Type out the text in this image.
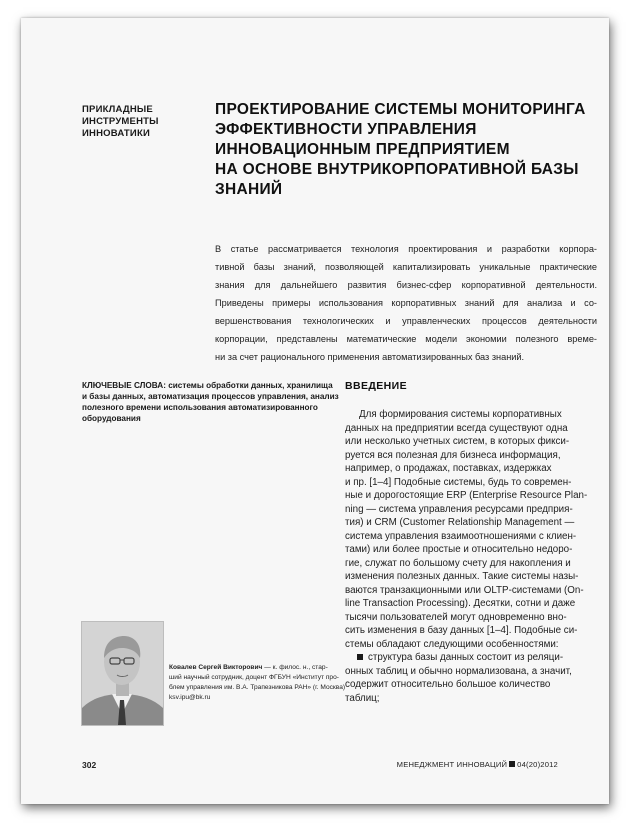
ПРИКЛАДНЫЕ
ИНСТРУМЕНТЫ
ИННОВАТИКИ
ПРОЕКТИРОВАНИЕ СИСТЕМЫ МОНИТОРИНГА
ЭФФЕКТИВНОСТИ УПРАВЛЕНИЯ
ИННОВАЦИОННЫМ ПРЕДПРИЯТИЕМ
НА ОСНОВЕ ВНУТРИКОРПОРАТИВНОЙ БАЗЫ
ЗНАНИЙ
В статье рассматривается технология проектирования и разработки корпора-
тивной базы знаний, позволяющей капитализировать уникальные практические
знания для дальнейшего развития бизнес-сфер корпоративной деятельности.
Приведены примеры использования корпоративных знаний для анализа и со-
вершенствования технологических и управленческих процессов деятельности
корпорации, представлены математические модели экономии полезного време-
ни за счет рационального применения автоматизированных баз знаний.
КЛЮЧЕВЫЕ СЛОВА: системы обработки данных, хранилища
и базы данных, автоматизация процессов управления, анализ
полезного времени использования автоматизированного
оборудования
ВВЕДЕНИЕ
Для формирования системы корпоративных
данных на предприятии всегда существуют одна
или несколько учетных систем, в которых фикси-
руется вся полезная для бизнеса информация,
например, о продажах, поставках, издержках
и пр. [1–4] Подобные системы, будь то современ-
ные и дорогостоящие ERP (Enterprise Resource Plan-
ning — система управления ресурсами предприя-
тия) и CRM (Customer Relationship Management —
система управления взаимоотношениями с клиен-
тами) или более простые и относительно недоро-
гие, служат по большому счету для накопления и
изменения полезных данных. Такие системы назы-
ваются транзакционными или OLTP-системами (On-
line Transaction Processing). Десятки, сотни и даже
тысячи пользователей могут одновременно вно-
сить изменения в базу данных [1–4]. Подобные си-
стемы обладают следующими особенностями:
структура базы данных состоит из реляци-
онных таблиц и обычно нормализована, а значит,
содержит относительно большое количество
таблиц;
Ковалев Сергей Викторович — к. филос. н., стар-
ший научный сотрудник, доцент ФГБУН «Институт про-
блем управления им. В.А. Трапезникова РАН» (г. Москва)
ksv.ipu@bk.ru
302	МЕНЕДЖМЕНТ ИННОВАЦИЙ 04(20)2012
